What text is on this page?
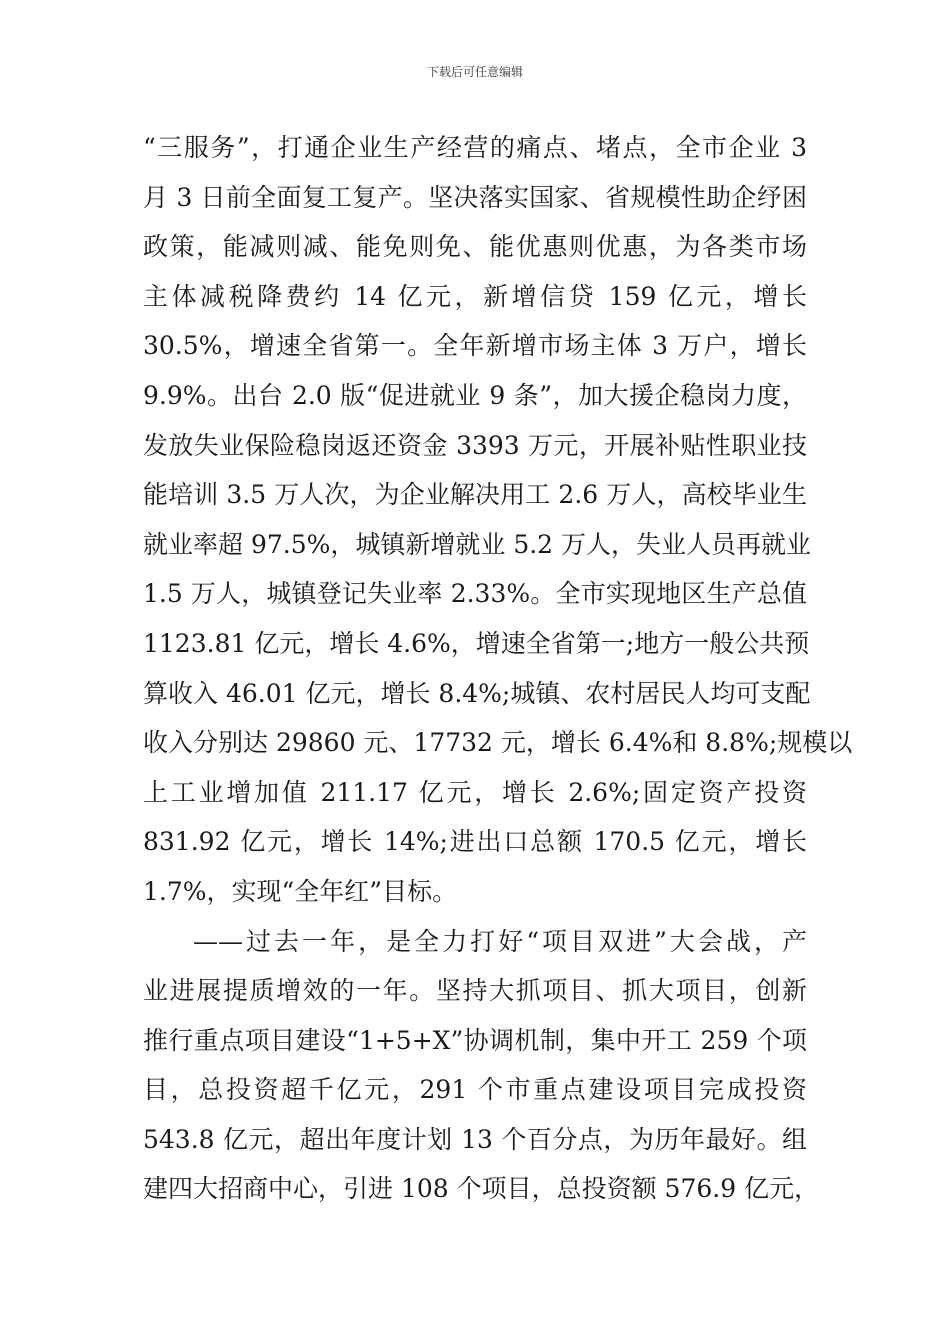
下载后可任意编辑
“三服务”，打通企业生产经营的痛点、堵点，全市企业 3
月 3 日前全面复工复产。坚决落实国家、省规模性助企纾困
政策，能减则减、能免则免、能优惠则优惠，为各类市场
主体减税降费约 14 亿元，新增信贷 159 亿元，增长
30.5%，增速全省第一。全年新增市场主体 3 万户，增长
9.9%。出台 2.0 版“促进就业 9 条”，加大援企稳岗力度，
发放失业保险稳岗返还资金 3393 万元，开展补贴性职业技
能培训 3.5 万人次，为企业解决用工 2.6 万人，高校毕业生
就业率超 97.5%，城镇新增就业 5.2 万人，失业人员再就业
1.5 万人，城镇登记失业率 2.33%。全市实现地区生产总值
1123.81 亿元，增长 4.6%，增速全省第一;地方一般公共预
算收入 46.01 亿元，增长 8.4%;城镇、农村居民人均可支配
收入分别达 29860 元、17732 元，增长 6.4%和 8.8%;规模以
上工业增加值 211.17 亿元，增长 2.6%;固定资产投资
831.92 亿元，增长 14%;进出口总额 170.5 亿元，增长
1.7%，实现“全年红”目标。
——过去一年，是全力打好“项目双进”大会战，产
业进展提质增效的一年。坚持大抓项目、抓大项目，创新
推行重点项目建设“1+5+X”协调机制，集中开工 259 个项
目，总投资超千亿元，291 个市重点建设项目完成投资
543.8 亿元，超出年度计划 13 个百分点，为历年最好。组
建四大招商中心，引进 108 个项目，总投资额 576.9 亿元，
